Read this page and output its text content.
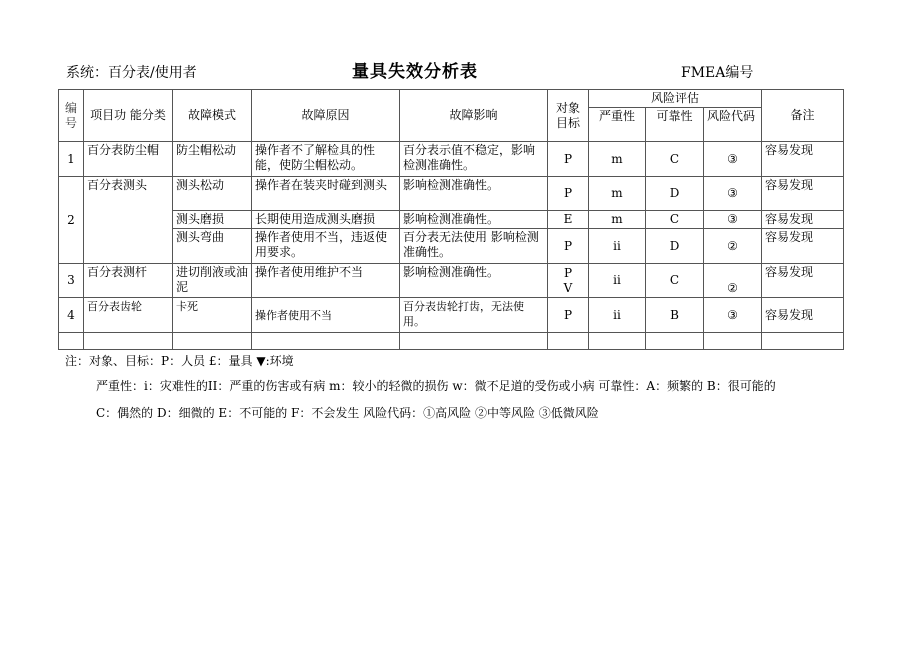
系统：百分表/使用者	量具失效分析表	FMEA编号
编号	项目功 能分类	故障模式	故障原因	故障影响	对象目标	风险评估			备注
						严重性	可靠性	风险代码	
1	百分表防尘帽	防尘帽松动	操作者不了解检具的性能，使防尘帽松动。	百分表示值不稳定，影响检测准确性。	P	m	C	③	容易发现
2	百分表测头	测头松动	操作者在装夹时碰到测头	影响检测准确性。	P	m	D	③	容易发现
		测头磨损	长期使用造成测头磨损	影响检测准确性。	E	m	C	③	容易发现
		测头弯曲	操作者使用不当，违返使用要求。	百分表无法使用 影响检测准确性。	P	ii	D	②	容易发现
3	百分表测杆	进切削液或油泥	操作者使用维护不当	影响检测准确性。	P V	ii	C	②	容易发现
4	百分表齿轮	卡死	操作者使用不当	百分表齿轮打齿，无法使用。	P	ii	B	③	容易发现

注：对象、目标：P：人员 £：量具 ▼:环境
严重性：i：灾难性的II：严重的伤害或有病 m：较小的轻微的损伤 w：微不足道的受伤或小病 可靠性：A：频繁的 B：很可能的
C：偶然的 D：细微的 E：不可能的 F：不会发生 风险代码：①高风险 ②中等风险 ③低微风险
